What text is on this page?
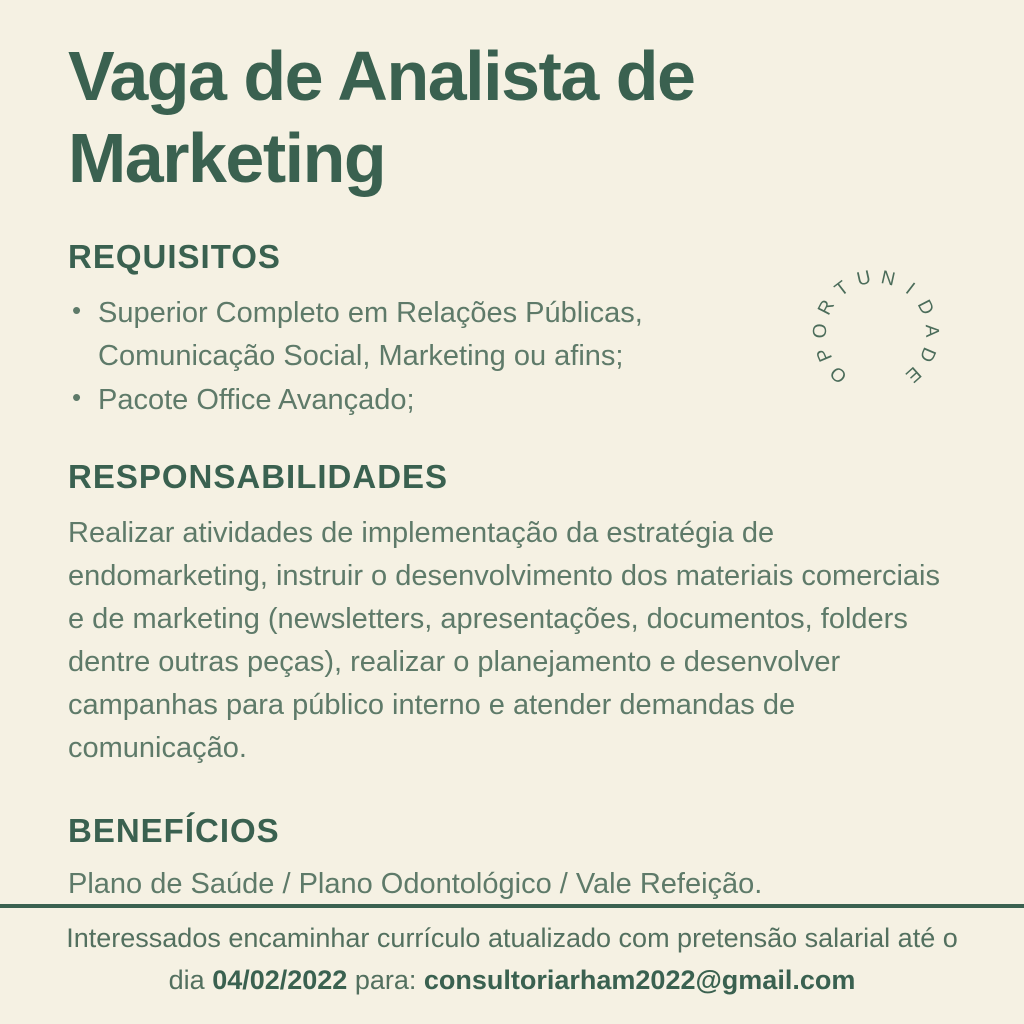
Vaga de Analista de
Marketing
REQUISITOS
• Superior Completo em Relações Públicas, Comunicação Social, Marketing ou afins;
• Pacote Office Avançado;
RESPONSABILIDADES

Realizar atividades de implementação da estratégia de endomarketing, instruir o desenvolvimento dos materiais comerciais e de marketing (newsletters, apresentações, documentos, folders dentre outras peças), realizar o planejamento e desenvolver campanhas para público interno e atender demandas de comunicação.

BENEFÍCIOS

Plano de Saúde / Plano Odontológico / Vale Refeição.

O
P
O
R
T U N I
D
A
D
E
Interessados encaminhar currículo atualizado com pretensão salarial até o
dia 04/02/2022 para: consultoriarham2022@gmail.com
